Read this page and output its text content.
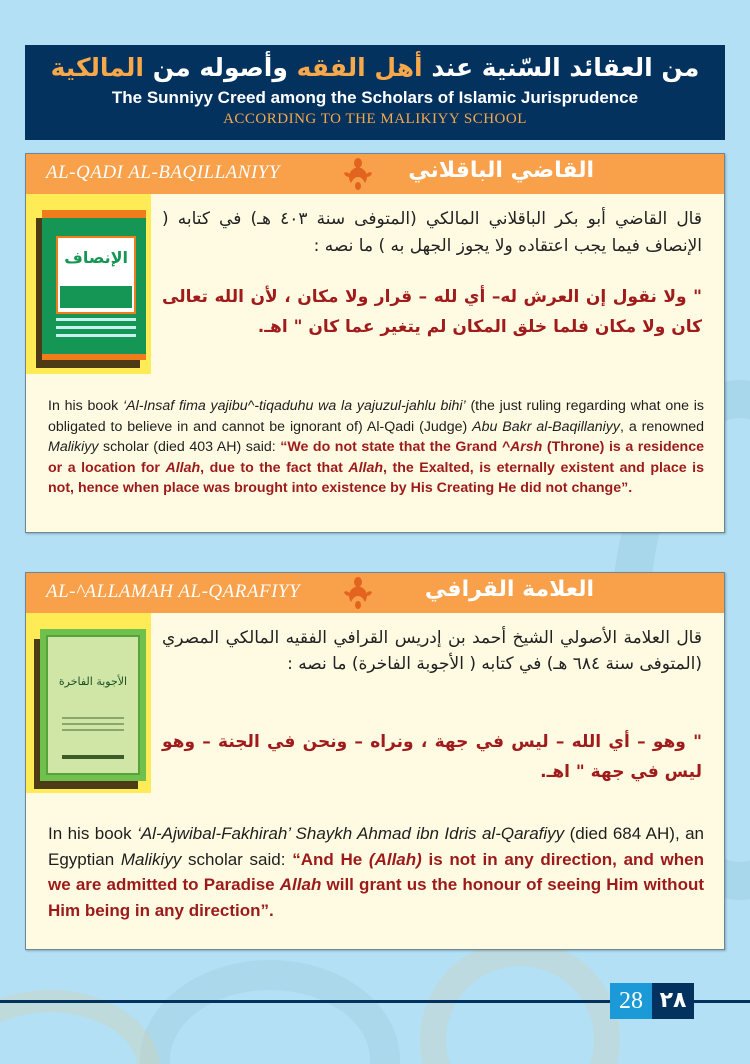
من العقائد السّنية عند أهل الفقه وأصوله من المالكية
The Sunniyy Creed among the Scholars of Islamic Jurisprudence
ACCORDING TO THE MALIKIYY SCHOOL
AL-QADI AL-BAQILLANIYY	القاضي الباقلاني
الإنصاف
قال القاضي أبو بكر الباقلاني المالكي (المتوفى سنة ٤٠٣ هـ) في كتابه ( الإنصاف فيما يجب اعتقاده ولا يجوز الجهل به ) ما نصه :
" ولا نقول إن العرش له– أي لله – قرار ولا مكان ، لأن الله تعالى كان ولا مكان فلما خلق المكان لم يتغير عما كان " اهـ.
In his book ‘Al-Insaf fima yajibu^-tiqaduhu wa la yajuzul-jahlu bihi’ (the just ruling regarding what one is obligated to believe in and cannot be ignorant of) Al-Qadi (Judge) Abu Bakr al-Baqillaniyy, a renowned Malikiyy scholar (died 403 AH) said: “We do not state that the Grand ^Arsh (Throne) is a residence or a location for Allah, due to the fact that Allah, the Exalted, is eternally existent and place is not, hence when place was brought into existence by His Creating He did not change”.
AL-^ALLAMAH AL-QARAFIYY	العلامة القرافي
الأجوبة الفاخرة
قال العلامة الأصولي الشيخ أحمد بن إدريس القرافي الفقيه المالكي المصري (المتوفى سنة ٦٨٤ هـ) في كتابه ( الأجوبة الفاخرة) ما نصه :
" وهو – أي الله – ليس في جهة ، ونراه – ونحن في الجنة – وهو ليس في جهة " اهـ.
In his book ‘Al-Ajwibal-Fakhirah’ Shaykh Ahmad ibn Idris al-Qarafiyy (died 684 AH), an Egyptian Malikiyy scholar said: “And He (Allah) is not in any direction, and when we are admitted to Paradise Allah will grant us the honour of seeing Him without Him being in any direction”.
28 ٢٨
